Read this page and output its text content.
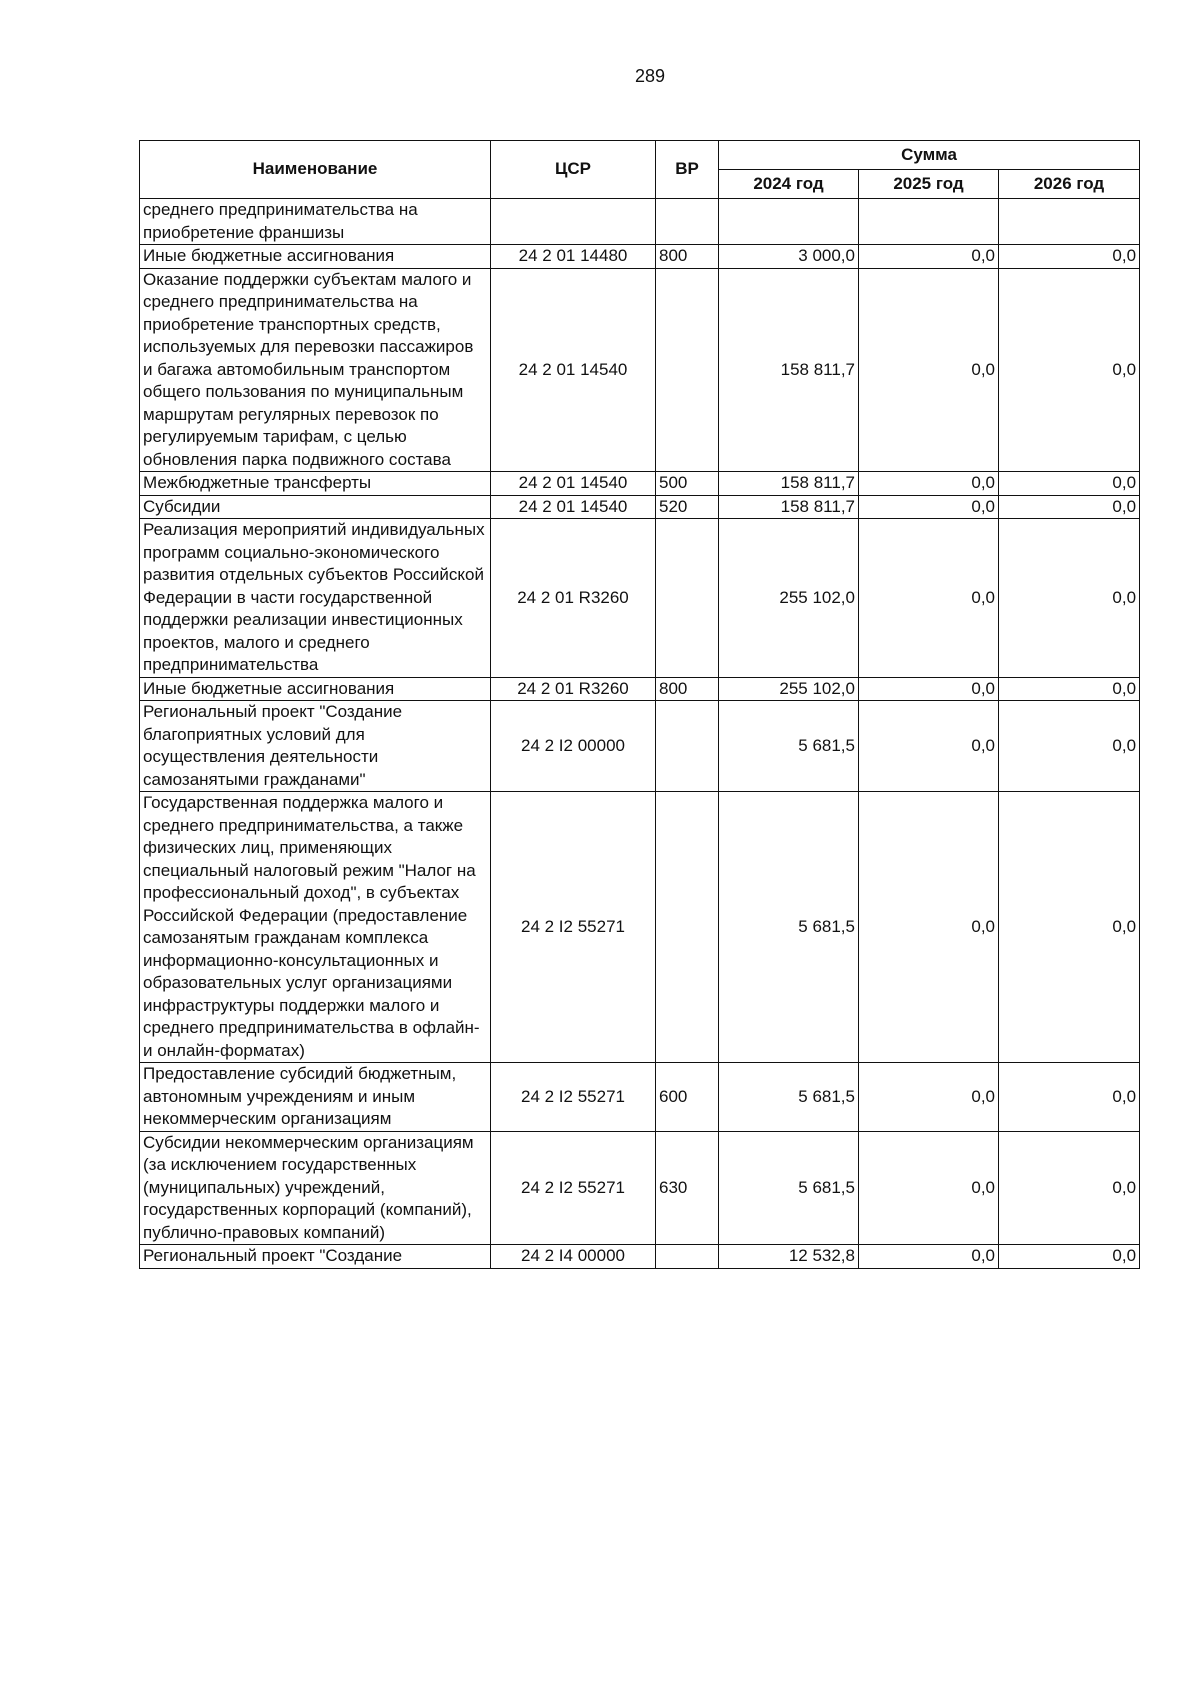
289
Наименование	ЦСР	ВР	Сумма		
			2024 год	2025 год	2026 год
среднего предпринимательства на приобретение франшизы					
Иные бюджетные ассигнования	24 2 01 14480	800	3 000,0	0,0	0,0
Оказание поддержки субъектам малого и среднего предпринимательства на приобретение транспортных средств, используемых для перевозки пассажиров и багажа автомобильным транспортом общего пользования по муниципальным маршрутам регулярных перевозок по регулируемым тарифам, с целью обновления парка подвижного состава	24 2 01 14540		158 811,7	0,0	0,0
Межбюджетные трансферты	24 2 01 14540	500	158 811,7	0,0	0,0
Субсидии	24 2 01 14540	520	158 811,7	0,0	0,0
Реализация мероприятий индивидуальных программ социально-экономического развития отдельных субъектов Российской Федерации в части государственной поддержки реализации инвестиционных проектов, малого и среднего предпринимательства	24 2 01 R3260		255 102,0	0,0	0,0
Иные бюджетные ассигнования	24 2 01 R3260	800	255 102,0	0,0	0,0
Региональный проект "Создание благоприятных условий для осуществления деятельности самозанятыми гражданами"	24 2 I2 00000		5 681,5	0,0	0,0
Государственная поддержка малого и среднего предпринимательства, а также физических лиц, применяющих специальный налоговый режим "Налог на профессиональный доход", в субъектах Российской Федерации (предоставление самозанятым гражданам комплекса информационно-консультационных и образовательных услуг организациями инфраструктуры поддержки малого и среднего предпринимательства в офлайн- и онлайн-форматах)	24 2 I2 55271		5 681,5	0,0	0,0
Предоставление субсидий бюджетным, автономным учреждениям и иным некоммерческим организациям	24 2 I2 55271	600	5 681,5	0,0	0,0
Субсидии некоммерческим организациям (за исключением государственных (муниципальных) учреждений, государственных корпораций (компаний), публично-правовых компаний)	24 2 I2 55271	630	5 681,5	0,0	0,0
Региональный проект "Создание	24 2 I4 00000		12 532,8	0,0	0,0
